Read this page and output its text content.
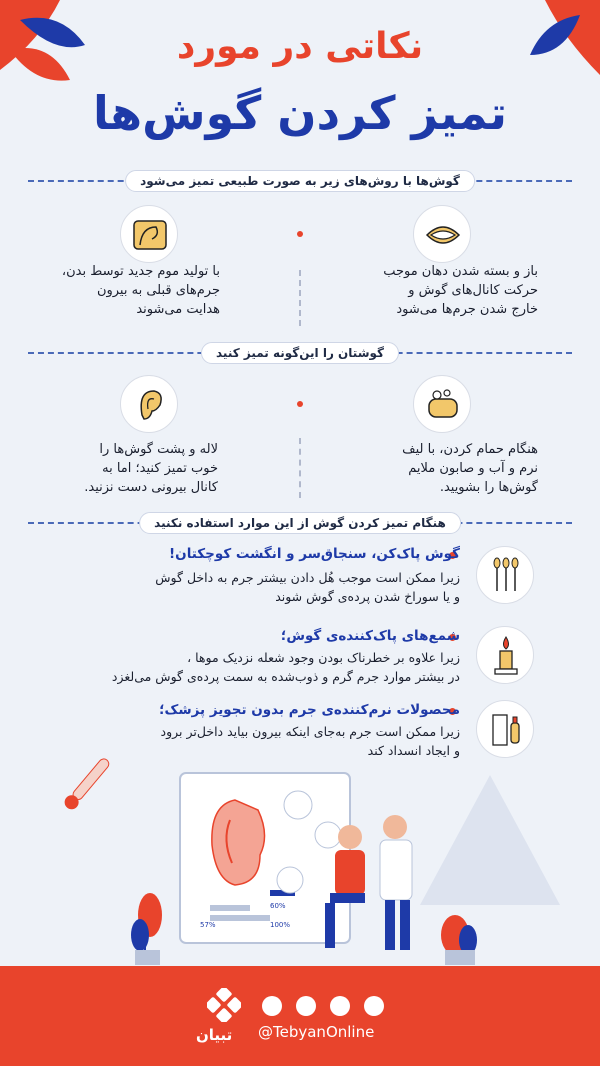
نکاتی در مورد
تمیز کردن گوش‌ها
گوش‌ها با روش‌های زیر به صورت طبیعی تمیز می‌شود
باز و بسته شدن دهان موجب
حرکت کانال‌های گوش و
خارج شدن جرم‌ها می‌شود
با تولید موم جدید توسط بدن،
جرم‌های قبلی به بیرون
هدایت می‌شوند
گوشتان را این‌گونه تمیز کنید
هنگام حمام کردن، با لیف
نرم و آب و صابون ملایم
گوش‌ها را بشویید.
لاله و پشت گوش‌ها را
خوب تمیز کنید؛ اما به
کانال بیرونی دست نزنید.
هنگام تمیز کردن گوش از این موارد استفاده نکنید
گوش پاک‌کن، سنجاق‌سر و انگشت کوچکتان!
زیرا ممکن است موجب هُل دادن بیشتر جرم به داخل گوش
و یا سوراخ شدن پرده‌ی گوش شوند
شمع‌های پاک‌کننده‌ی گوش؛
زیرا علاوه بر خطرناک بودن وجود شعله نزدیک موها ،
در بیشتر موارد جرم گرم و ذوب‌شده به سمت پرده‌ی گوش می‌لغزد
محصولات نرم‌کننده‌ی جرم بدون تجویز پزشک؛
زیرا ممکن است جرم به‌جای اینکه بیرون بیاید داخل‌تر برود
و ایجاد انسداد کند
60%
57%	100%
تبیان @TebyanOnline
